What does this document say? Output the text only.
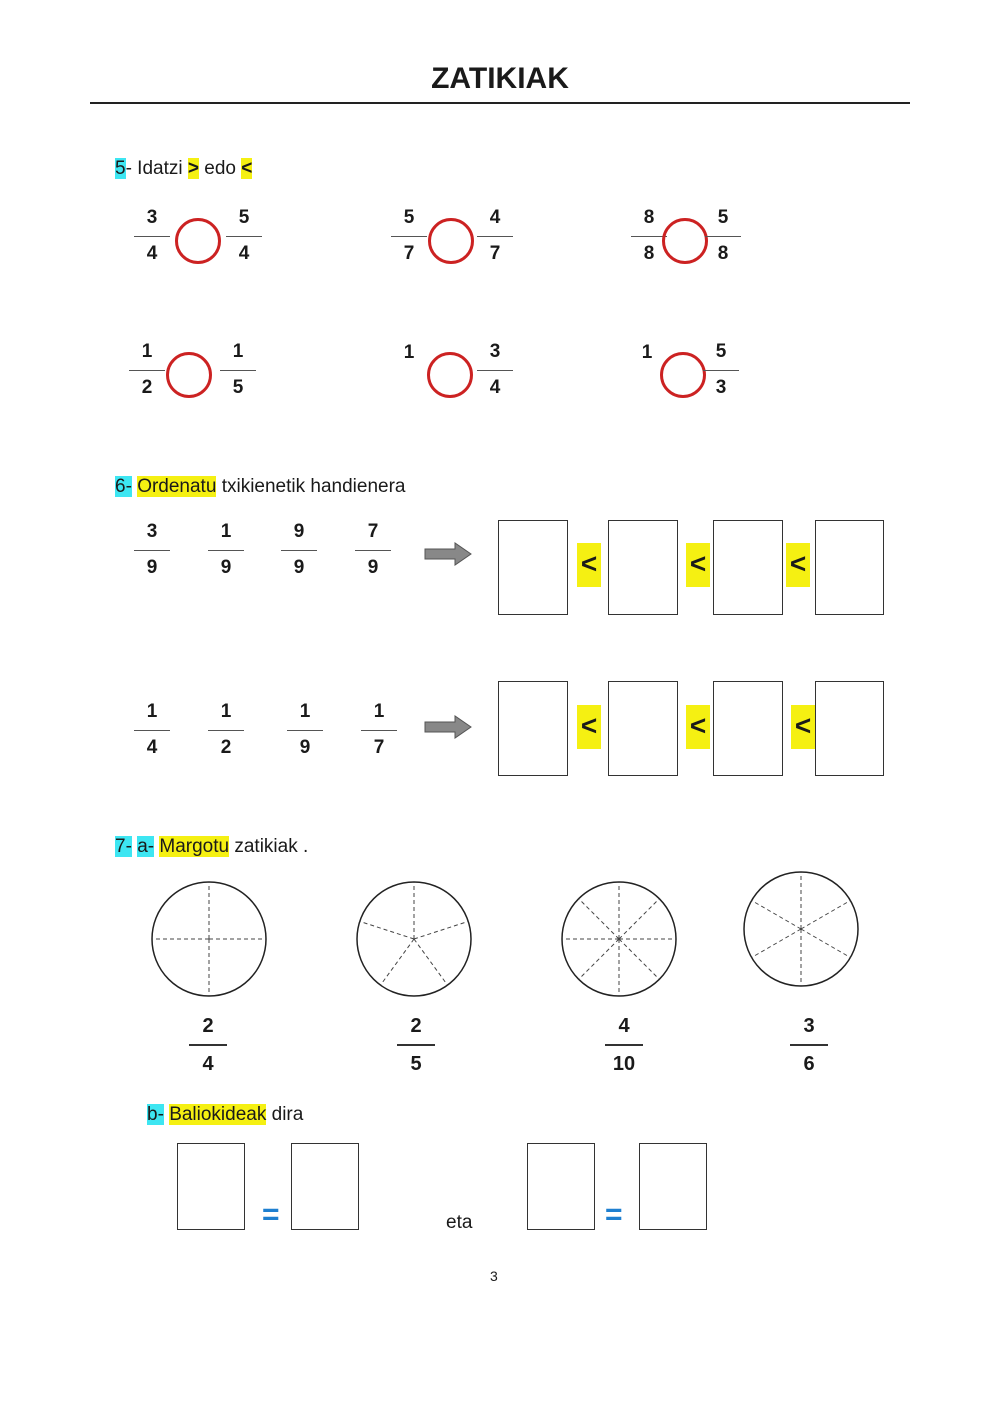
ZATIKIAK
5- Idatzi > edo <
3
4
5
4
5
7
4
7
8
8
5
8
1
2
1
5
1	3
4
1	5
3
6- Ordenatu txikienetik handienera
3
9
1
9
9
9
7
9	<	<	<
1
4
1
2
1
9
1
7
<	<	<
7- a- Margotu zatikiak .
2
4
2
5
4
10
3
6
b- Baliokideak dira
=	eta	=
3
